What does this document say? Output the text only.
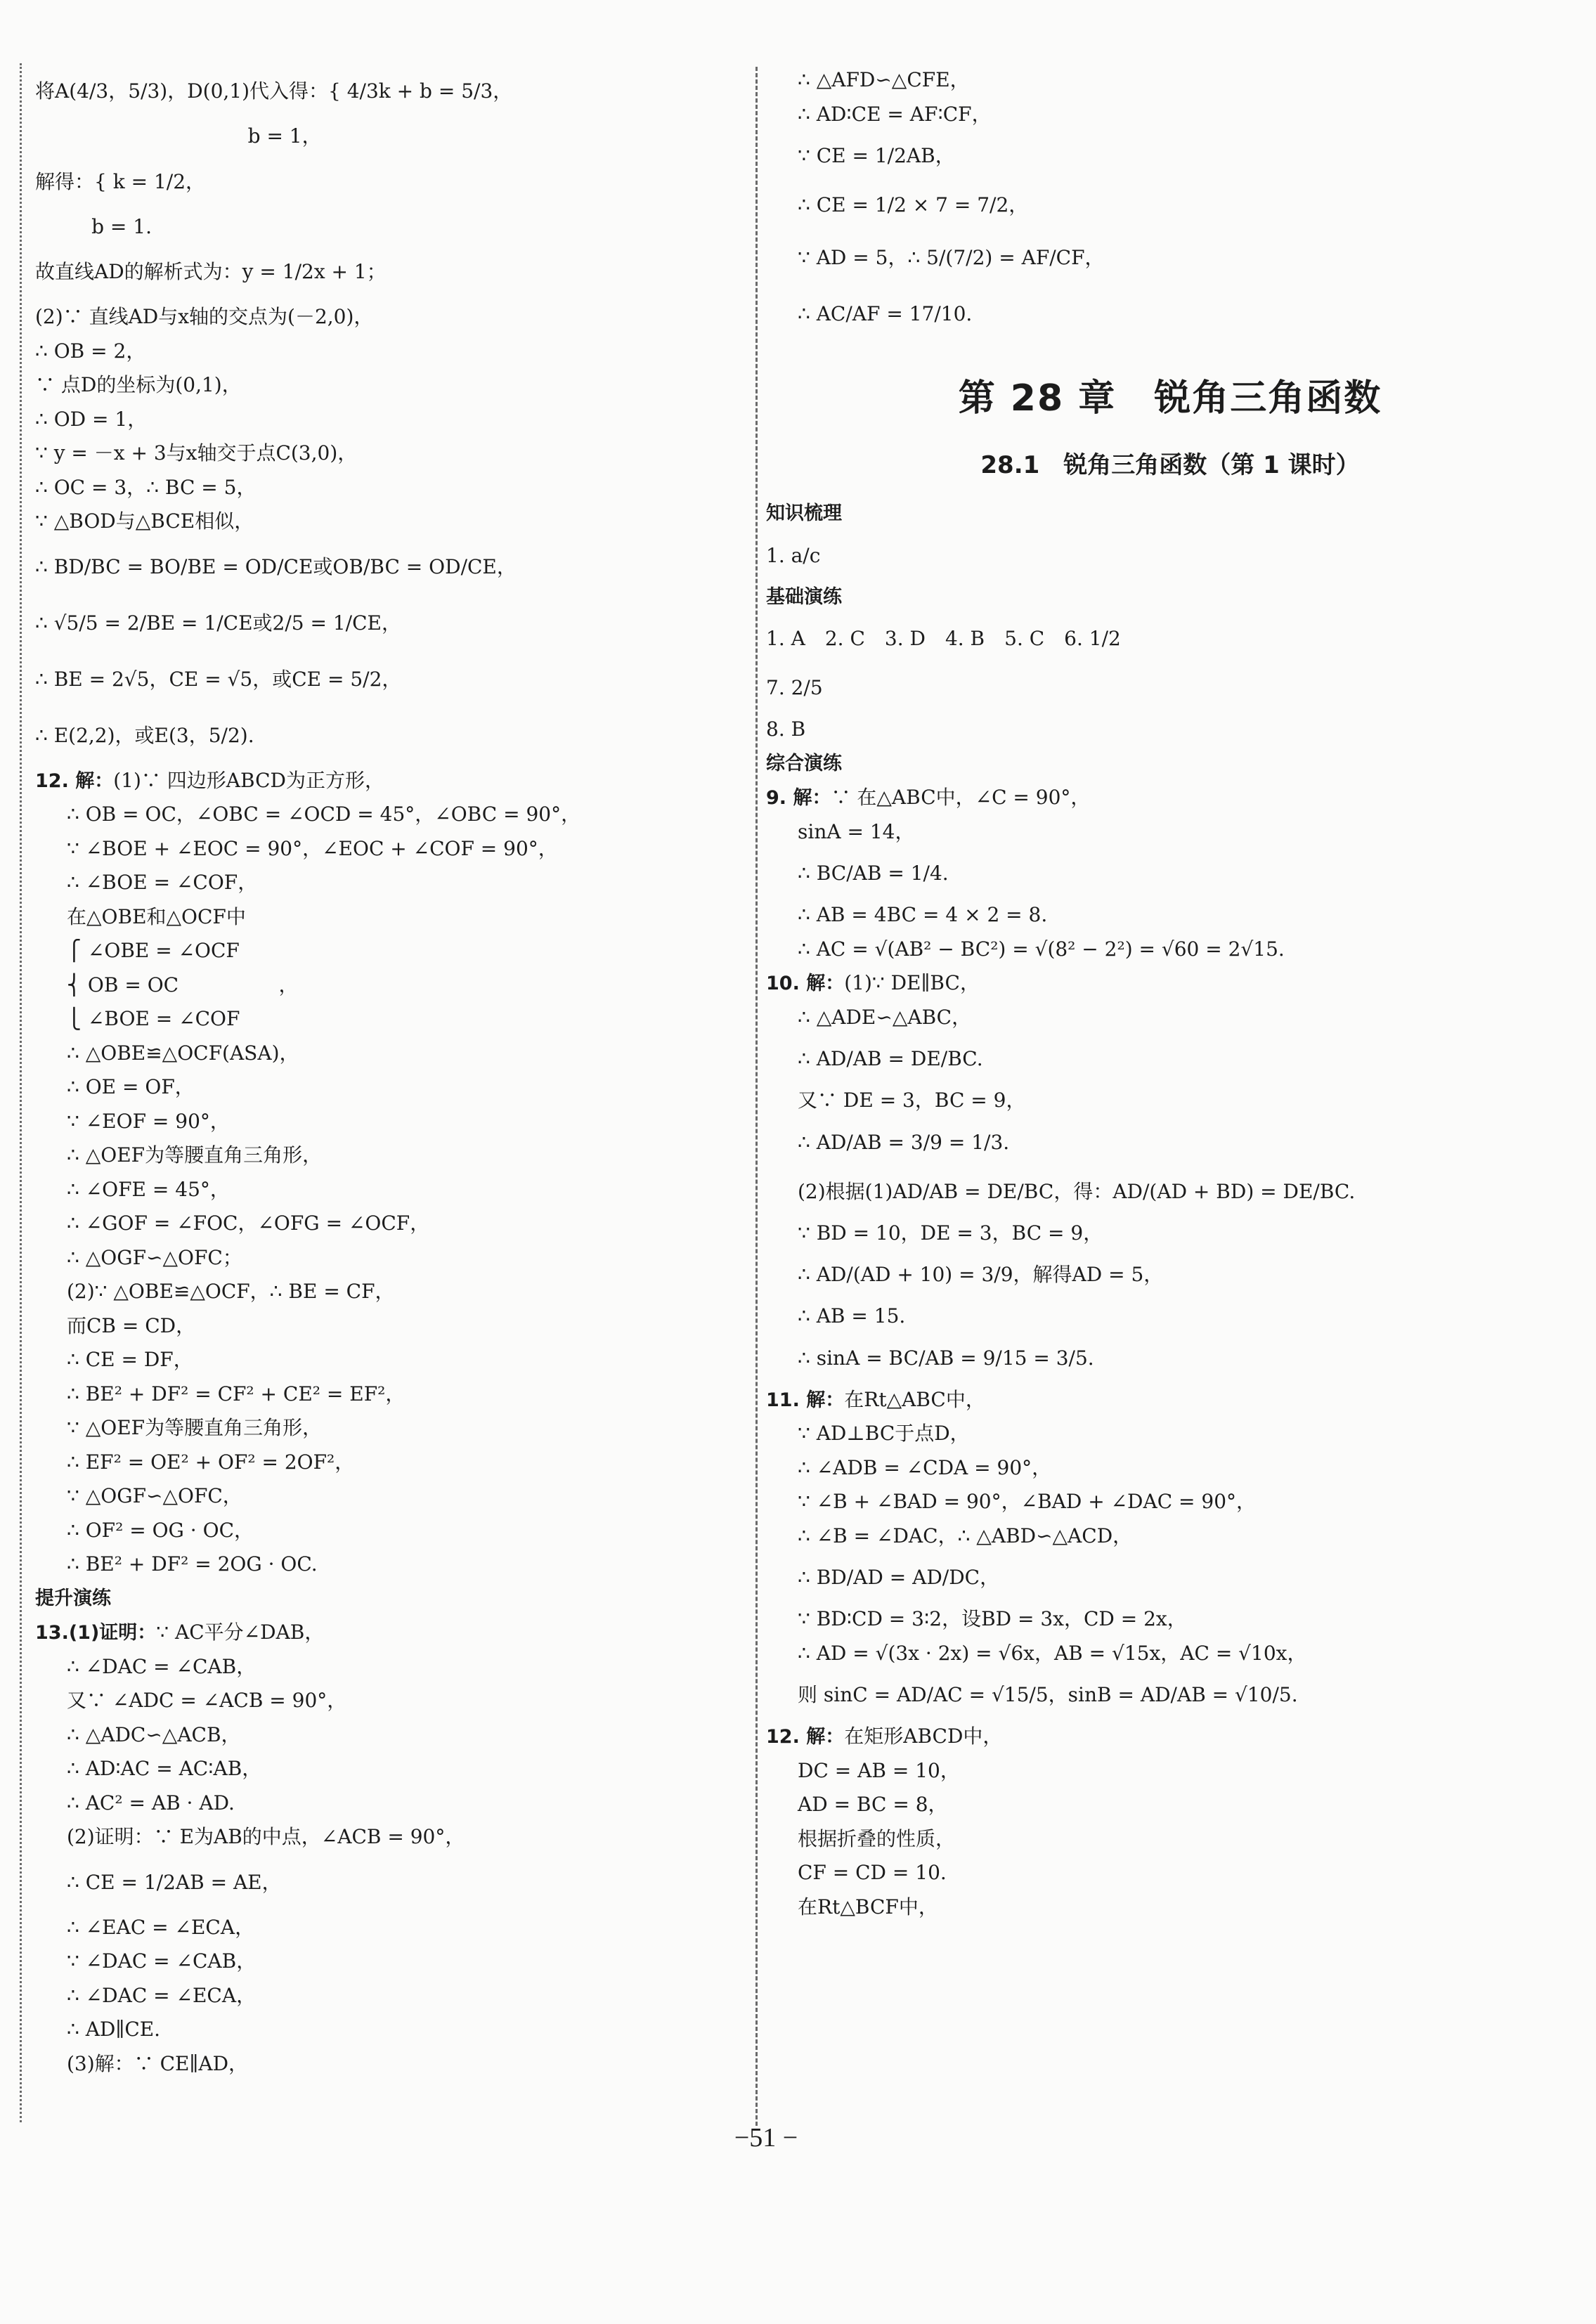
将A(4/3，5/3)，D(0,1)代入得：{ 4/3k + b = 5/3，
b = 1，
解得：{ k = 1/2，
b = 1.
故直线AD的解析式为：y = 1/2x + 1；
(2)∵ 直线AD与x轴的交点为(－2,0)，
∴ OB = 2，
∵ 点D的坐标为(0,1)，
∴ OD = 1，
∵ y = －x + 3与x轴交于点C(3,0)，
∴ OC = 3，∴ BC = 5，
∵ △BOD与△BCE相似，
∴ BD/BC = BO/BE = OD/CE或OB/BC = OD/CE，
∴ √5/5 = 2/BE = 1/CE或2/5 = 1/CE，
∴ BE = 2√5，CE = √5，或CE = 5/2，
∴ E(2,2)，或E(3，5/2).
12. 解：(1)∵ 四边形ABCD为正方形，
∴ OB = OC，∠OBC = ∠OCD = 45°，∠OBC = 90°，
∵ ∠BOE + ∠EOC = 90°，∠EOC + ∠COF = 90°，
∴ ∠BOE = ∠COF，
在△OBE和△OCF中
⎧ ∠OBE = ∠OCF
⎨ OB = OC                ，
⎩ ∠BOE = ∠COF
∴ △OBE≌△OCF(ASA)，
∴ OE = OF，
∵ ∠EOF = 90°，
∴ △OEF为等腰直角三角形，
∴ ∠OFE = 45°，
∴ ∠GOF = ∠FOC，∠OFG = ∠OCF，
∴ △OGF∽△OFC；
(2)∵ △OBE≌△OCF，∴ BE = CF，
而CB = CD，
∴ CE = DF，
∴ BE² + DF² = CF² + CE² = EF²，
∵ △OEF为等腰直角三角形，
∴ EF² = OE² + OF² = 2OF²，
∵ △OGF∽△OFC，
∴ OF² = OG · OC，
∴ BE² + DF² = 2OG · OC.
提升演练
13.(1)证明：∵ AC平分∠DAB，
∴ ∠DAC = ∠CAB，
又∵ ∠ADC = ∠ACB = 90°，
∴ △ADC∽△ACB，
∴ AD∶AC = AC∶AB，
∴ AC² = AB · AD.
(2)证明：∵ E为AB的中点，∠ACB = 90°，
∴ CE = 1/2AB = AE，
∴ ∠EAC = ∠ECA，
∵ ∠DAC = ∠CAB，
∴ ∠DAC = ∠ECA，
∴ AD∥CE.
(3)解：∵ CE∥AD，
∴ △AFD∽△CFE，
∴ AD∶CE = AF∶CF，
∵ CE = 1/2AB，
∴ CE = 1/2 × 7 = 7/2，
∵ AD = 5，∴ 5/(7/2) = AF/CF，
∴ AC/AF = 17/10.
第 28 章　锐角三角函数
28.1　锐角三角函数（第 1 课时）
知识梳理
1. a/c
基础演练
1. A　2. C　3. D　4. B　5. C　6. 1/2
7. 2/5
8. B
综合演练
9. 解：∵ 在△ABC中，∠C = 90°，
sinA = 14，
∴ BC/AB = 1/4.
∴ AB = 4BC = 4 × 2 = 8.
∴ AC = √(AB² − BC²) = √(8² − 2²) = √60 = 2√15.
10. 解：(1)∵ DE∥BC，
∴ △ADE∽△ABC，
∴ AD/AB = DE/BC.
又∵ DE = 3，BC = 9，
∴ AD/AB = 3/9 = 1/3.
(2)根据(1)AD/AB = DE/BC，得：AD/(AD + BD) = DE/BC.
∵ BD = 10，DE = 3，BC = 9，
∴ AD/(AD + 10) = 3/9，解得AD = 5，
∴ AB = 15.
∴ sinA = BC/AB = 9/15 = 3/5.
11. 解：在Rt△ABC中，
∵ AD⊥BC于点D，
∴ ∠ADB = ∠CDA = 90°，
∵ ∠B + ∠BAD = 90°，∠BAD + ∠DAC = 90°，
∴ ∠B = ∠DAC，∴ △ABD∽△ACD，
∴ BD/AD = AD/DC，
∵ BD∶CD = 3∶2，设BD = 3x，CD = 2x，
∴ AD = √(3x · 2x) = √6x，AB = √15x，AC = √10x，
则 sinC = AD/AC = √15/5，sinB = AD/AB = √10/5.
12. 解：在矩形ABCD中，
DC = AB = 10，
AD = BC = 8，
根据折叠的性质，
CF = CD = 10.
在Rt△BCF中，
−51 −
